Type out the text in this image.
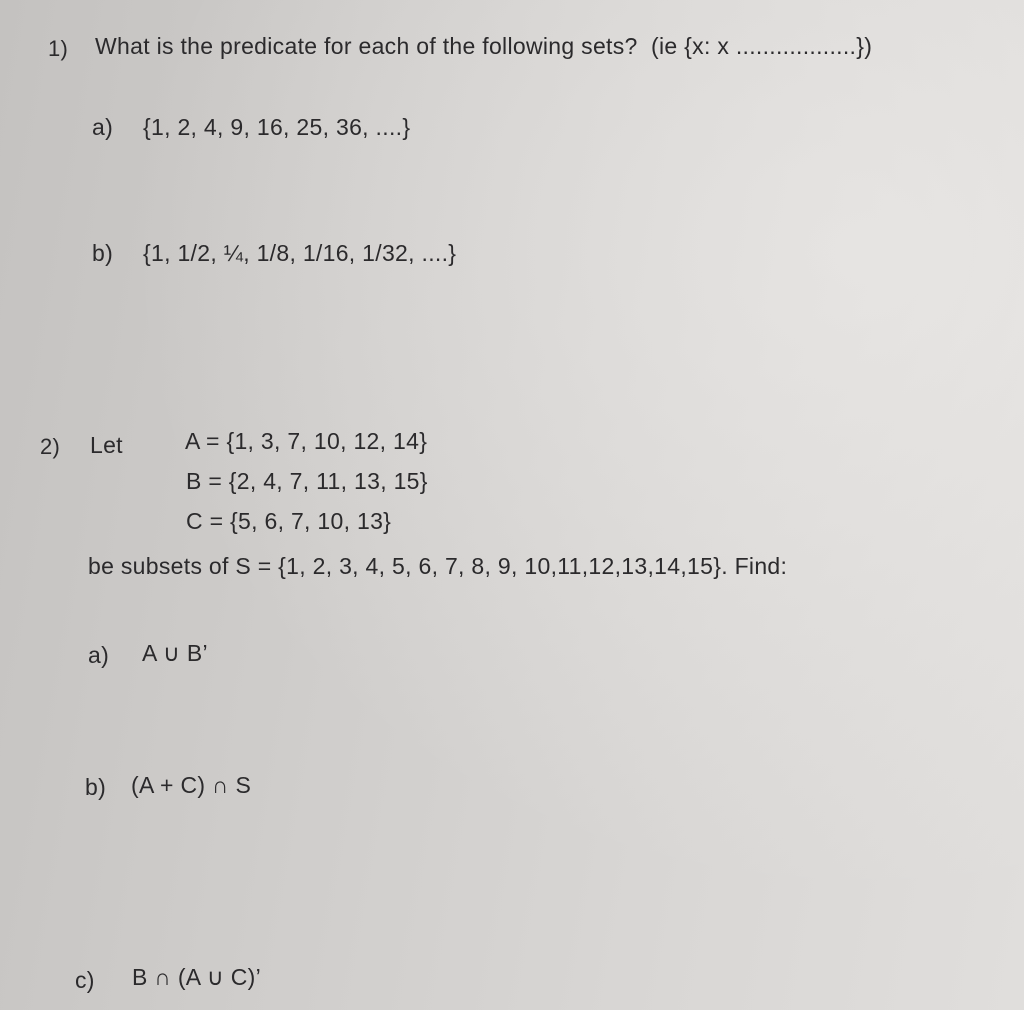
1) What is the predicate for each of the following sets?  (ie {x: x ..................})
a) {1, 2, 4, 9, 16, 25, 36, ....}
b) {1, 1/2, ¼, 1/8, 1/16, 1/32, ....}
2) Let	A = {1, 3, 7, 10, 12, 14}
B = {2, 4, 7, 11, 13, 15}
C = {5, 6, 7, 10, 13}
be subsets of S = {1, 2, 3, 4, 5, 6, 7, 8, 9, 10,11,12,13,14,15}. Find:
a) A ∪ B’
b) (A + C) ∩ S
c) B ∩ (A ∪ C)’
